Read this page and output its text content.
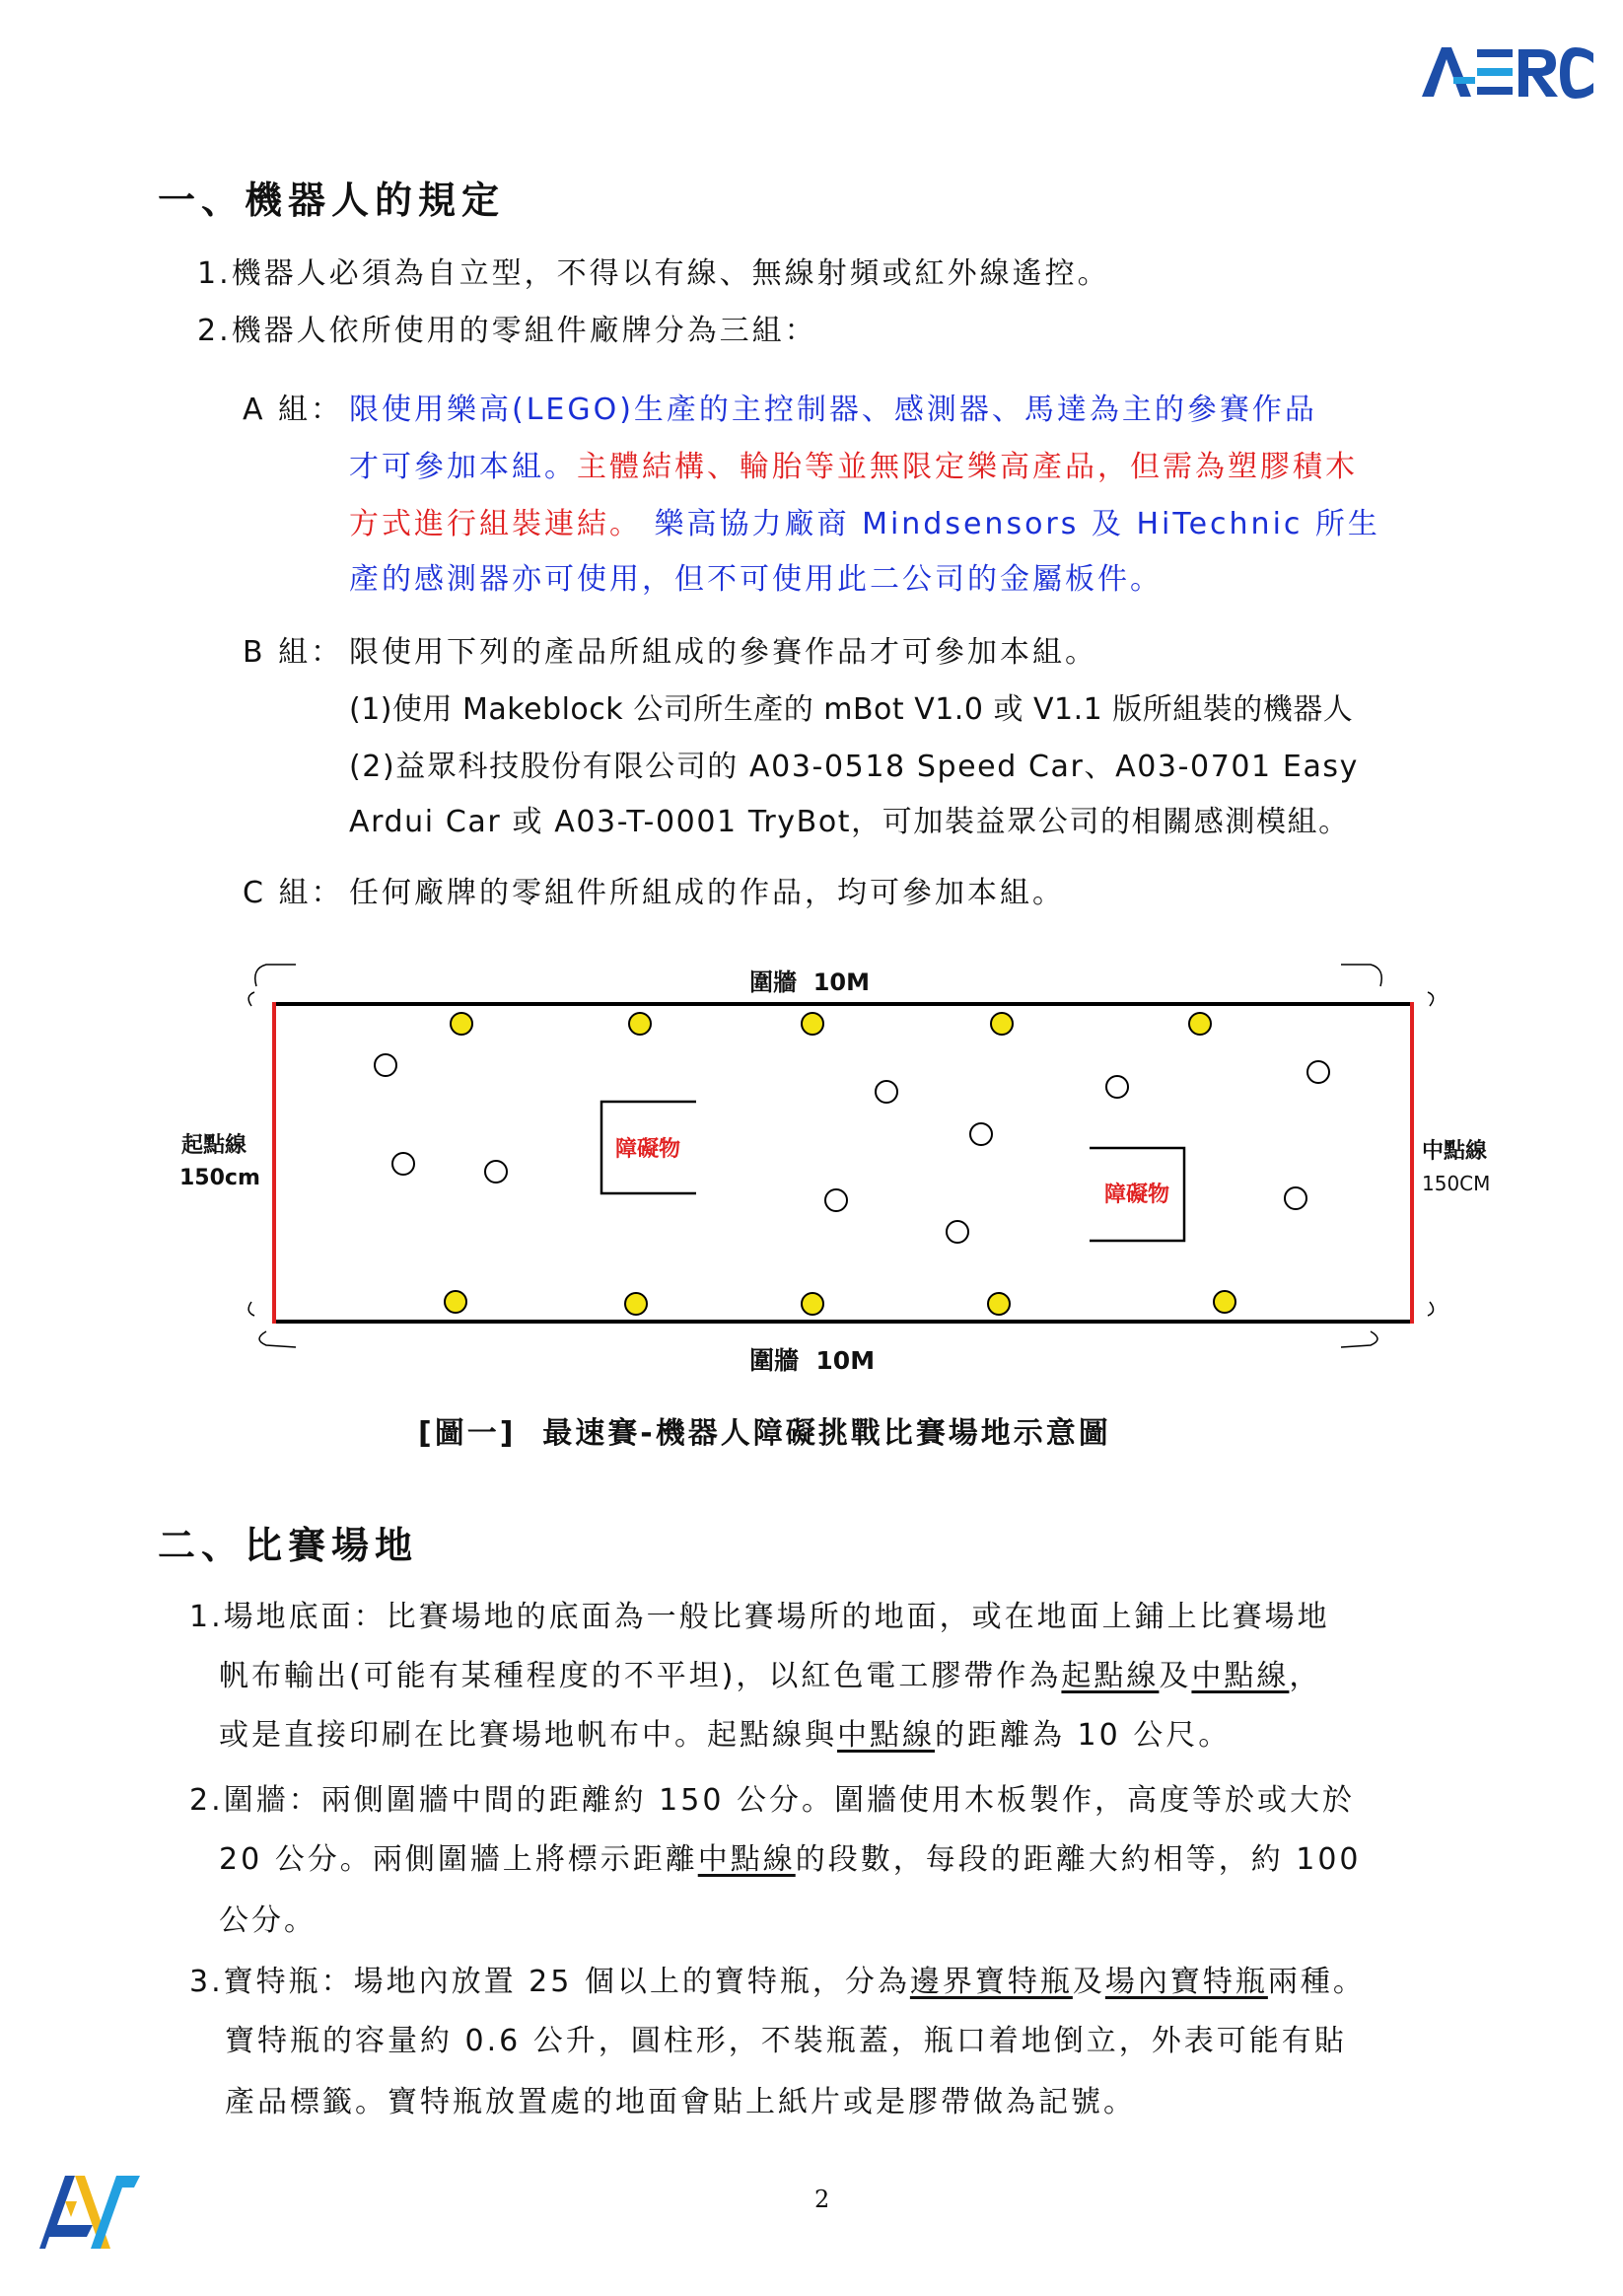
一、機器人的規定
1.機器人必須為自立型，不得以有線、無線射頻或紅外線遙控。
2.機器人依所使用的零組件廠牌分為三組：
A 組： 限使用樂高(LEGO)生產的主控制器、感測器、馬達為主的參賽作品
才可參加本組。主體結構、輪胎等並無限定樂高產品，但需為塑膠積木
方式進行組裝連結。 樂高協力廠商 Mindsensors 及 HiTechnic 所生
產的感測器亦可使用，但不可使用此二公司的金屬板件。
B 組： 限使用下列的產品所組成的參賽作品才可參加本組。
(1)使用 Makeblock 公司所生產的 mBot V1.0 或 V1.1 版所組裝的機器人
(2)益眾科技股份有限公司的 A03-0518 Speed Car、A03-0701 Easy
Ardui Car 或 A03-T-0001 TryBot，可加裝益眾公司的相關感測模組。
C 組： 任何廠牌的零組件所組成的作品，均可參加本組。
圍牆  10M
圍牆  10M
起點線
150cm
中點線
150CM
障礙物
障礙物
[圖一]  最速賽-機器人障礙挑戰比賽場地示意圖
二、比賽場地
1.場地底面：比賽場地的底面為一般比賽場所的地面，或在地面上鋪上比賽場地
帆布輸出(可能有某種程度的不平坦)，以紅色電工膠帶作為起點線及中點線，
或是直接印刷在比賽場地帆布中。起點線與中點線的距離為 10 公尺。
2.圍牆：兩側圍牆中間的距離約 150 公分。圍牆使用木板製作，高度等於或大於
20 公分。兩側圍牆上將標示距離中點線的段數，每段的距離大約相等，約 100
公分。
3.寶特瓶：場地內放置 25 個以上的寶特瓶，分為邊界寶特瓶及場內寶特瓶兩種。
寶特瓶的容量約 0.6 公升，圓柱形，不裝瓶蓋，瓶口着地倒立，外表可能有貼
產品標籤。寶特瓶放置處的地面會貼上紙片或是膠帶做為記號。
2
